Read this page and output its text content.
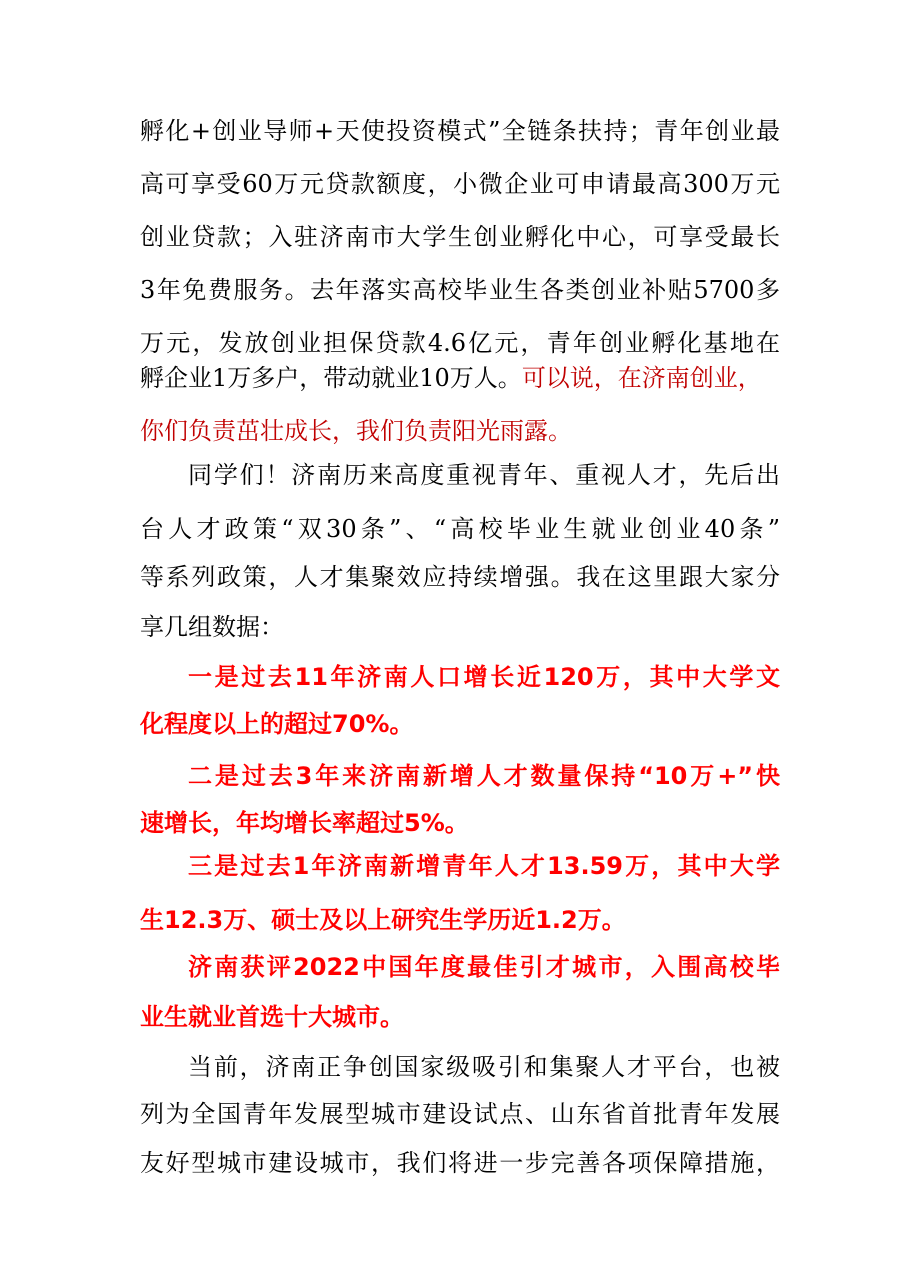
孵化+创业导师+天使投资模式”全链条扶持；青年创业最
高可享受60万元贷款额度，小微企业可申请最高300万元
创业贷款；入驻济南市大学生创业孵化中心，可享受最长
3年免费服务。去年落实高校毕业生各类创业补贴5700多
万元，发放创业担保贷款4.6亿元，青年创业孵化基地在
孵企业1万多户，带动就业10万人。可以说，在济南创业，
你们负责茁壮成长，我们负责阳光雨露。
同学们！济南历来高度重视青年、重视人才，先后出
台人才政策“双30条”、“高校毕业生就业创业40条”
等系列政策，人才集聚效应持续增强。我在这里跟大家分
享几组数据：
一是过去11年济南人口增长近120万，其中大学文
化程度以上的超过70%。
二是过去3年来济南新增人才数量保持“10万+”快
速增长，年均增长率超过5%。
三是过去1年济南新增青年人才13.59万，其中大学
生12.3万、硕士及以上研究生学历近1.2万。
济南获评2022中国年度最佳引才城市，入围高校毕
业生就业首选十大城市。
当前，济南正争创国家级吸引和集聚人才平台，也被
列为全国青年发展型城市建设试点、山东省首批青年发展
友好型城市建设城市，我们将进一步完善各项保障措施，
